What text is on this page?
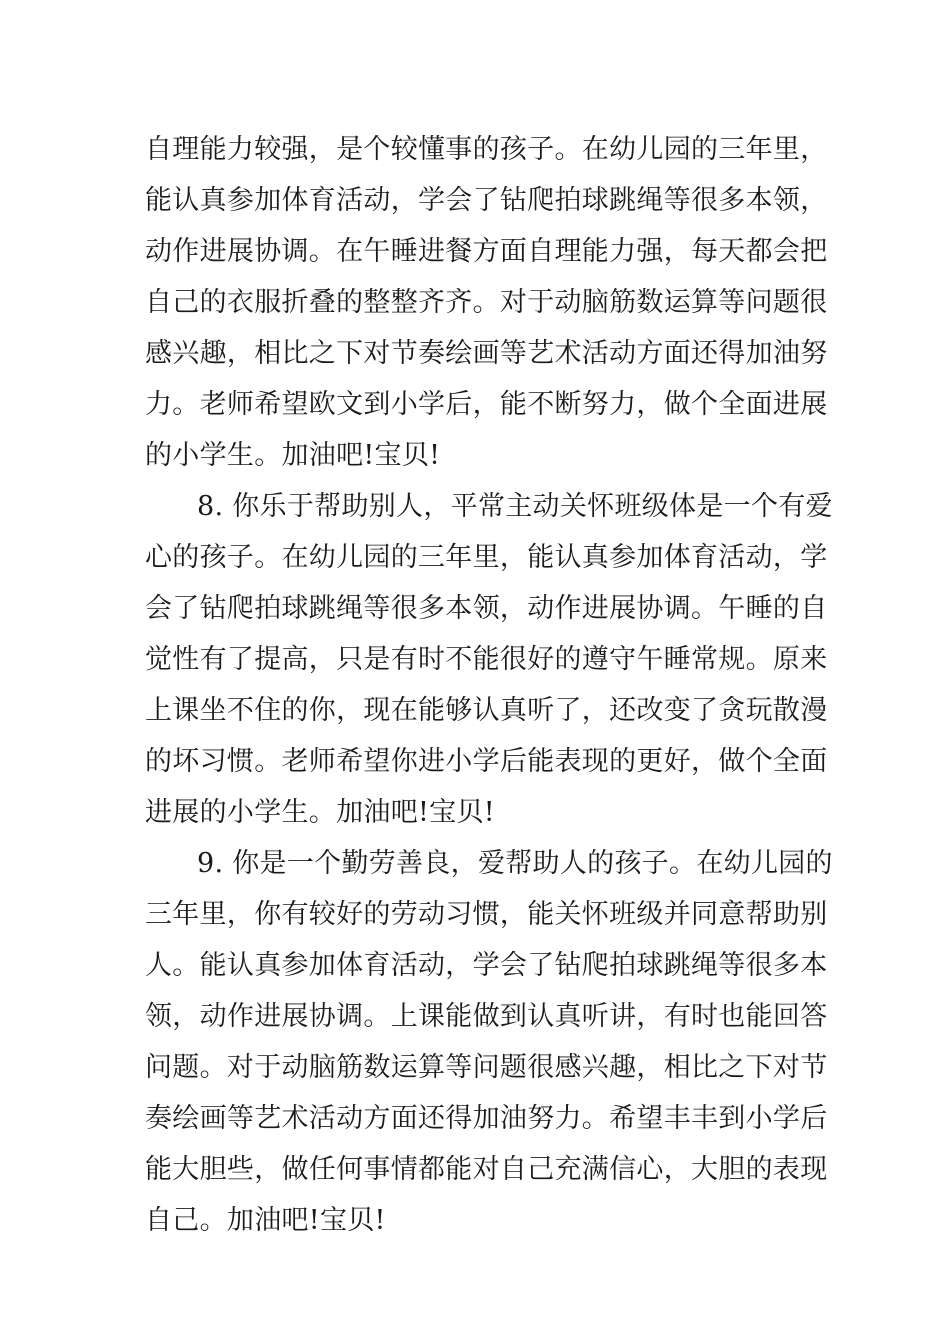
自理能力较强，是个较懂事的孩子。在幼儿园的三年里，
能认真参加体育活动，学会了钻爬拍球跳绳等很多本领，
动作进展协调。在午睡进餐方面自理能力强，每天都会把
自己的衣服折叠的整整齐齐。对于动脑筋数运算等问题很
感兴趣，相比之下对节奏绘画等艺术活动方面还得加油努
力。老师希望欧文到小学后，能不断努力，做个全面进展
的小学生。加油吧!宝贝!
8. 你乐于帮助别人，平常主动关怀班级体是一个有爱
心的孩子。在幼儿园的三年里，能认真参加体育活动，学
会了钻爬拍球跳绳等很多本领，动作进展协调。午睡的自
觉性有了提高，只是有时不能很好的遵守午睡常规。原来
上课坐不住的你，现在能够认真听了，还改变了贪玩散漫
的坏习惯。老师希望你进小学后能表现的更好，做个全面
进展的小学生。加油吧!宝贝!
9. 你是一个勤劳善良，爱帮助人的孩子。在幼儿园的
三年里，你有较好的劳动习惯，能关怀班级并同意帮助别
人。能认真参加体育活动，学会了钻爬拍球跳绳等很多本
领，动作进展协调。上课能做到认真听讲，有时也能回答
问题。对于动脑筋数运算等问题很感兴趣，相比之下对节
奏绘画等艺术活动方面还得加油努力。希望丰丰到小学后
能大胆些，做任何事情都能对自己充满信心，大胆的表现
自己。加油吧!宝贝!
